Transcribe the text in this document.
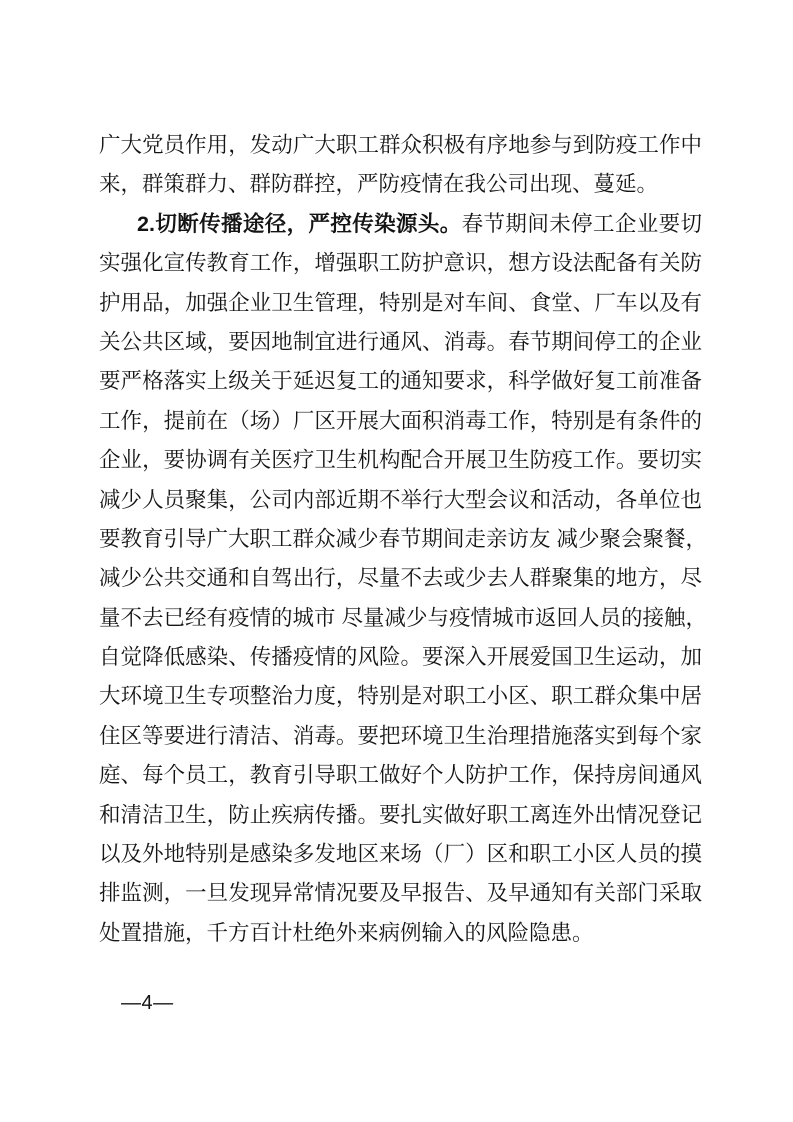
广大党员作用，发动广大职工群众积极有序地参与到防疫工作中
来，群策群力、群防群控，严防疫情在我公司出现、蔓延。
2.切断传播途径，严控传染源头。春节期间未停工企业要切
实强化宣传教育工作，增强职工防护意识，想方设法配备有关防
护用品，加强企业卫生管理，特别是对车间、食堂、厂车以及有
关公共区域，要因地制宜进行通风、消毒。春节期间停工的企业
要严格落实上级关于延迟复工的通知要求，科学做好复工前准备
工作，提前在（场）厂区开展大面积消毒工作，特别是有条件的
企业，要协调有关医疗卫生机构配合开展卫生防疫工作。要切实
减少人员聚集，公司内部近期不举行大型会议和活动，各单位也
要教育引导广大职工群众减少春节期间走亲访友 减少聚会聚餐，
减少公共交通和自驾出行，尽量不去或少去人群聚集的地方，尽
量不去已经有疫情的城市 尽量减少与疫情城市返回人员的接触，
自觉降低感染、传播疫情的风险。要深入开展爱国卫生运动，加
大环境卫生专项整治力度，特别是对职工小区、职工群众集中居
住区等要进行清洁、消毒。要把环境卫生治理措施落实到每个家
庭、每个员工，教育引导职工做好个人防护工作，保持房间通风
和清洁卫生，防止疾病传播。要扎实做好职工离连外出情况登记
以及外地特别是感染多发地区来场（厂）区和职工小区人员的摸
排监测，一旦发现异常情况要及早报告、及早通知有关部门采取
处置措施，千方百计杜绝外来病例输入的风险隐患。
—4—
